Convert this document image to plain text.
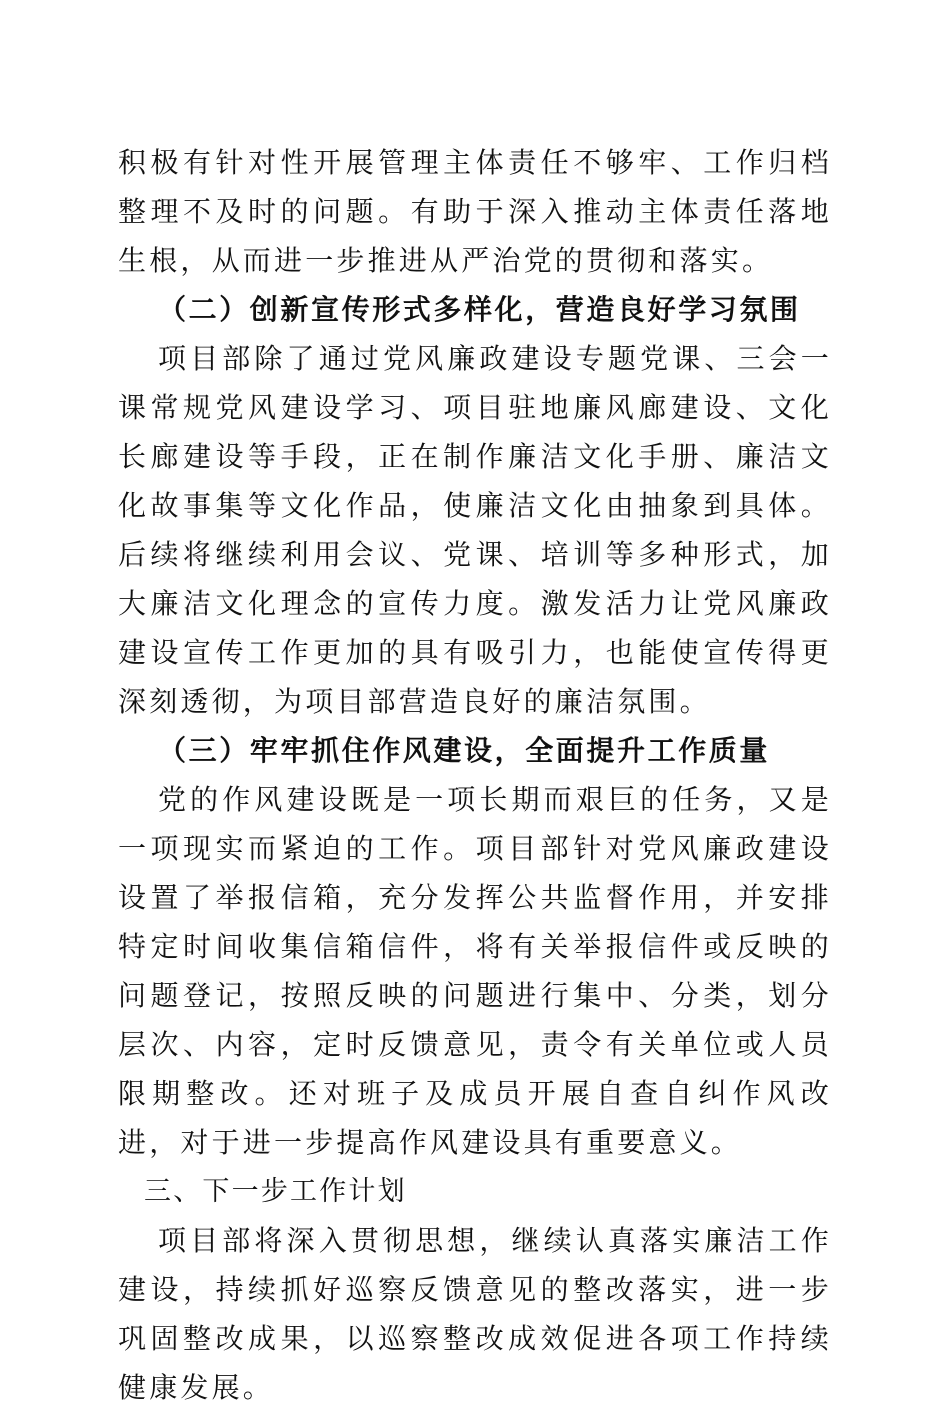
积极有针对性开展管理主体责任不够牢、工作归档整理不及时的问题。有助于深入推动主体责任落地生根，从而进一步推进从严治党的贯彻和落实。

（二）创新宣传形式多样化，营造良好学习氛围

项目部除了通过党风廉政建设专题党课、三会一课常规党风建设学习、项目驻地廉风廊建设、文化长廊建设等手段，正在制作廉洁文化手册、廉洁文化故事集等文化作品，使廉洁文化由抽象到具体。后续将继续利用会议、党课、培训等多种形式，加大廉洁文化理念的宣传力度。激发活力让党风廉政建设宣传工作更加的具有吸引力，也能使宣传得更深刻透彻，为项目部营造良好的廉洁氛围。

（三）牢牢抓住作风建设，全面提升工作质量

党的作风建设既是一项长期而艰巨的任务，又是一项现实而紧迫的工作。项目部针对党风廉政建设设置了举报信箱，充分发挥公共监督作用，并安排特定时间收集信箱信件，将有关举报信件或反映的问题登记，按照反映的问题进行集中、分类，划分层次、内容，定时反馈意见，责令有关单位或人员限期整改。还对班子及成员开展自查自纠作风改进，对于进一步提高作风建设具有重要意义。

三、下一步工作计划

项目部将深入贯彻思想，继续认真落实廉洁工作建设，持续抓好巡察反馈意见的整改落实，进一步巩固整改成果，以巡察整改成效促进各项工作持续健康发展。
